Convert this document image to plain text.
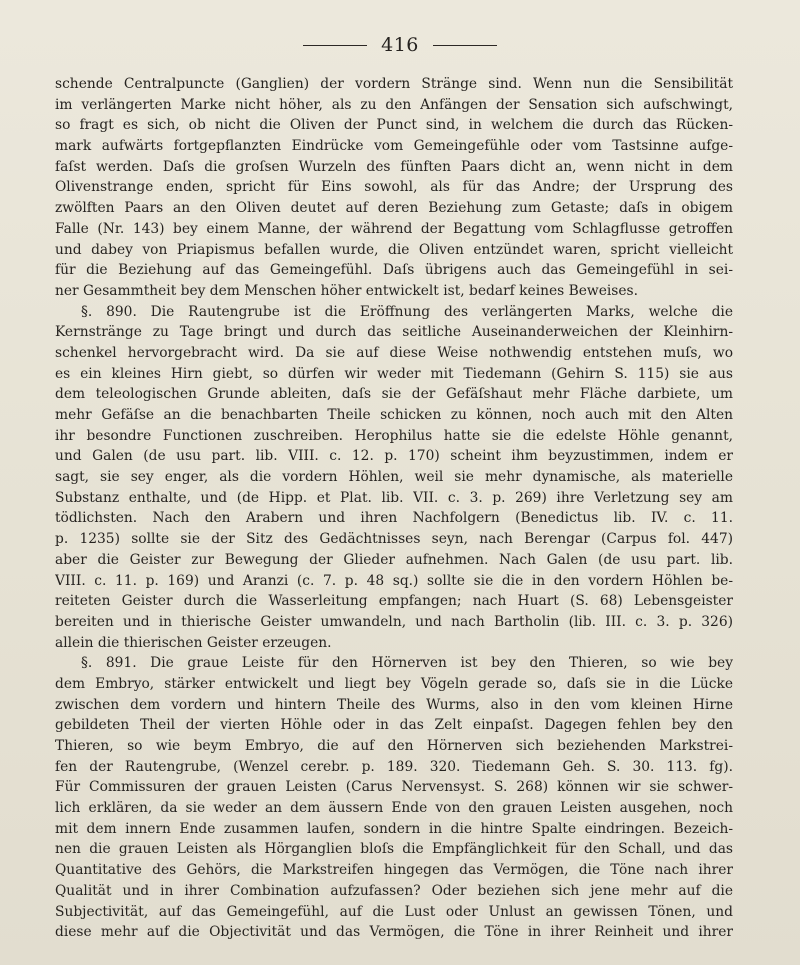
416
schende Centralpuncte (Ganglien) der vordern Stränge sind. Wenn nun die Sensibilität
im verlängerten Marke nicht höher, als zu den Anfängen der Sensation sich aufschwingt,
so fragt es sich, ob nicht die Oliven der Punct sind, in welchem die durch das Rücken-
mark aufwärts fortgepflanzten Eindrücke vom Gemeingefühle oder vom Tastsinne aufge-
faſst werden. Daſs die groſsen Wurzeln des fünften Paars dicht an, wenn nicht in dem
Olivenstrange enden, spricht für Eins sowohl, als für das Andre; der Ursprung des
zwölften Paars an den Oliven deutet auf deren Beziehung zum Getaste; daſs in obigem
Falle (Nr. 143) bey einem Manne, der während der Begattung vom Schlagflusse getroffen
und dabey von Priapismus befallen wurde, die Oliven entzündet waren, spricht vielleicht
für die Beziehung auf das Gemeingefühl. Daſs übrigens auch das Gemeingefühl in sei-
ner Gesammtheit bey dem Menschen höher entwickelt ist, bedarf keines Beweises.
§. 890. Die Rautengrube ist die Eröffnung des verlängerten Marks, welche die
Kernstränge zu Tage bringt und durch das seitliche Auseinanderweichen der Kleinhirn-
schenkel hervorgebracht wird. Da sie auf diese Weise nothwendig entstehen muſs, wo
es ein kleines Hirn giebt, so dürfen wir weder mit Tiedemann (Gehirn S. 115) sie aus
dem teleologischen Grunde ableiten, daſs sie der Gefäſshaut mehr Fläche darbiete, um
mehr Gefäſse an die benachbarten Theile schicken zu können, noch auch mit den Alten
ihr besondre Functionen zuschreiben. Herophilus hatte sie die edelste Höhle genannt,
und Galen (de usu part. lib. VIII. c. 12. p. 170) scheint ihm beyzustimmen, indem er
sagt, sie sey enger, als die vordern Höhlen, weil sie mehr dynamische, als materielle
Substanz enthalte, und (de Hipp. et Plat. lib. VII. c. 3. p. 269) ihre Verletzung sey am
tödlichsten. Nach den Arabern und ihren Nachfolgern (Benedictus lib. IV. c. 11.
p. 1235) sollte sie der Sitz des Gedächtnisses seyn, nach Berengar (Carpus fol. 447)
aber die Geister zur Bewegung der Glieder aufnehmen. Nach Galen (de usu part. lib.
VIII. c. 11. p. 169) und Aranzi (c. 7. p. 48 sq.) sollte sie die in den vordern Höhlen be-
reiteten Geister durch die Wasserleitung empfangen; nach Huart (S. 68) Lebensgeister
bereiten und in thierische Geister umwandeln, und nach Bartholin (lib. III. c. 3. p. 326)
allein die thierischen Geister erzeugen.
§. 891. Die graue Leiste für den Hörnerven ist bey den Thieren, so wie bey
dem Embryo, stärker entwickelt und liegt bey Vögeln gerade so, daſs sie in die Lücke
zwischen dem vordern und hintern Theile des Wurms, also in den vom kleinen Hirne
gebildeten Theil der vierten Höhle oder in das Zelt einpaſst. Dagegen fehlen bey den
Thieren, so wie beym Embryo, die auf den Hörnerven sich beziehenden Markstrei-
fen der Rautengrube, (Wenzel cerebr. p. 189. 320. Tiedemann Geh. S. 30. 113. fg).
Für Commissuren der grauen Leisten (Carus Nervensyst. S. 268) können wir sie schwer-
lich erklären, da sie weder an dem äussern Ende von den grauen Leisten ausgehen, noch
mit dem innern Ende zusammen laufen, sondern in die hintre Spalte eindringen. Bezeich-
nen die grauen Leisten als Hörganglien bloſs die Empfänglichkeit für den Schall, und das
Quantitative des Gehörs, die Markstreifen hingegen das Vermögen, die Töne nach ihrer
Qualität und in ihrer Combination aufzufassen? Oder beziehen sich jene mehr auf die
Subjectivität, auf das Gemeingefühl, auf die Lust oder Unlust an gewissen Tönen, und
diese mehr auf die Objectivität und das Vermögen, die Töne in ihrer Reinheit und ihrer
